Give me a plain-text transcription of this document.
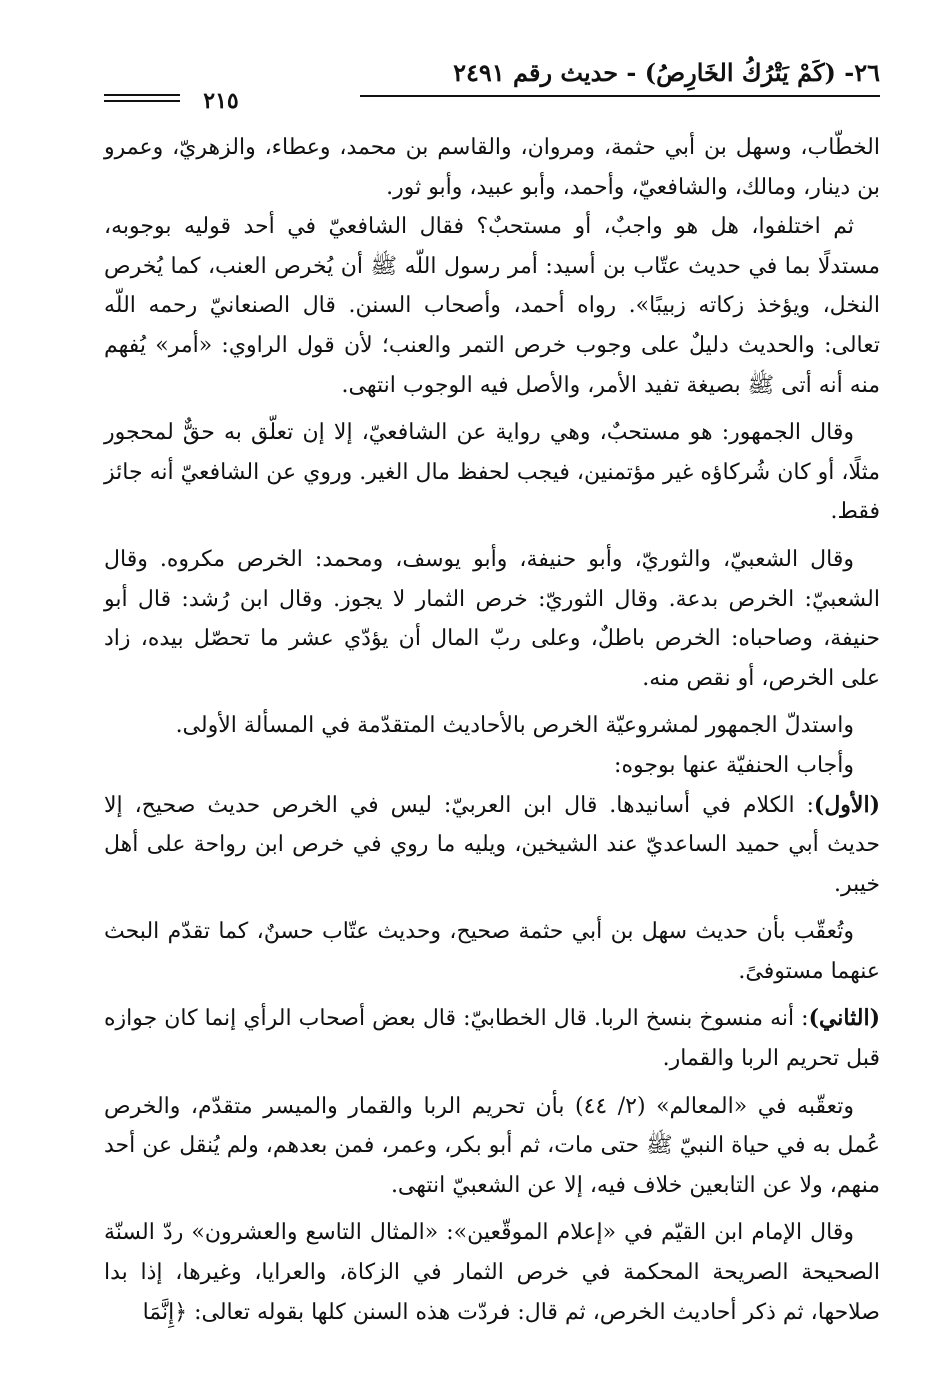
٢٦- (كَمْ يَتْرُكُ الخَارِصُ) - حديث رقم ٢٤٩١
٢١٥

الخطّاب، وسهل بن أبي حثمة، ومروان، والقاسم بن محمد، وعطاء، والزهريّ، وعمرو بن دينار، ومالك، والشافعيّ، وأحمد، وأبو عبيد، وأبو ثور.

ثم اختلفوا، هل هو واجبٌ، أو مستحبٌ؟ فقال الشافعيّ في أحد قوليه بوجوبه، مستدلًا بما في حديث عتّاب بن أسيد: أمر رسول اللّه ﷺ أن يُخرص العنب، كما يُخرص النخل، ويؤخذ زكاته زبيبًا». رواه أحمد، وأصحاب السنن. قال الصنعانيّ رحمه اللّه تعالى: والحديث دليلٌ على وجوب خرص التمر والعنب؛ لأن قول الراوي: «أمر» يُفهم منه أنه أتى ﷺ بصيغة تفيد الأمر، والأصل فيه الوجوب انتهى.

وقال الجمهور: هو مستحبٌ، وهي رواية عن الشافعيّ، إلا إن تعلّق به حقٌّ لمحجور مثلًا، أو كان شُركاؤه غير مؤتمنين، فيجب لحفظ مال الغير. وروي عن الشافعيّ أنه جائز فقط.

وقال الشعبيّ، والثوريّ، وأبو حنيفة، وأبو يوسف، ومحمد: الخرص مكروه. وقال الشعبيّ: الخرص بدعة. وقال الثوريّ: خرص الثمار لا يجوز. وقال ابن رُشد: قال أبو حنيفة، وصاحباه: الخرص باطلٌ، وعلى ربّ المال أن يؤدّي عشر ما تحصّل بيده، زاد على الخرص، أو نقص منه.

واستدلّ الجمهور لمشروعيّة الخرص بالأحاديث المتقدّمة في المسألة الأولى.

وأجاب الحنفيّة عنها بوجوه:

(الأول): الكلام في أسانيدها. قال ابن العربيّ: ليس في الخرص حديث صحيح، إلا حديث أبي حميد الساعديّ عند الشيخين، ويليه ما روي في خرص ابن رواحة على أهل خيبر.

وتُعقّب بأن حديث سهل بن أبي حثمة صحيح، وحديث عتّاب حسنٌ، كما تقدّم البحث عنهما مستوفىً.

(الثاني): أنه منسوخ بنسخ الربا. قال الخطابيّ: قال بعض أصحاب الرأي إنما كان جوازه قبل تحريم الربا والقمار.

وتعقّبه في «المعالم» (٢/ ٤٤) بأن تحريم الربا والقمار والميسر متقدّم، والخرص عُمل به في حياة النبيّ ﷺ حتى مات، ثم أبو بكر، وعمر، فمن بعدهم، ولم يُنقل عن أحد منهم، ولا عن التابعين خلاف فيه، إلا عن الشعبيّ انتهى.

وقال الإمام ابن القيّم في «إعلام الموقّعين»: «المثال التاسع والعشرون» ردّ السنّة الصحيحة الصريحة المحكمة في خرص الثمار في الزكاة، والعرايا، وغيرها، إذا بدا صلاحها، ثم ذكر أحاديث الخرص، ثم قال: فردّت هذه السنن كلها بقوله تعالى: ﴿إِنَّمَا
